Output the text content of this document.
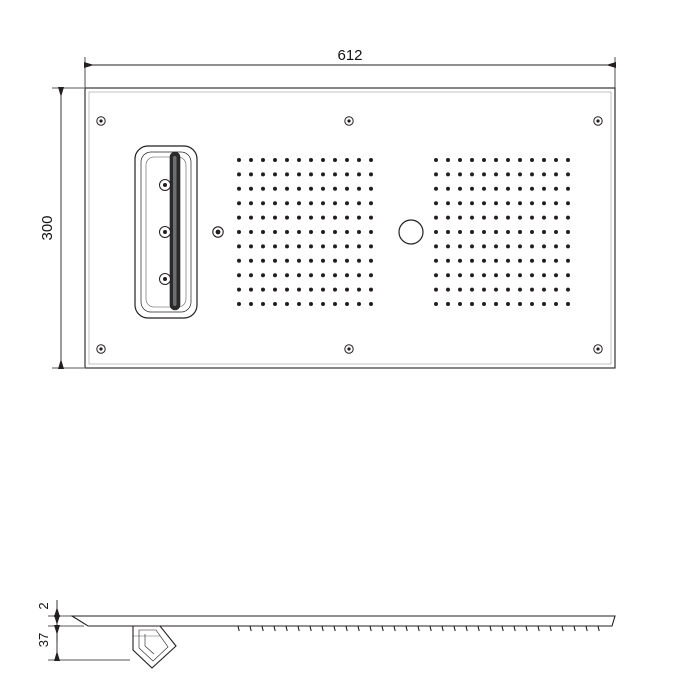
612
300
2
37
